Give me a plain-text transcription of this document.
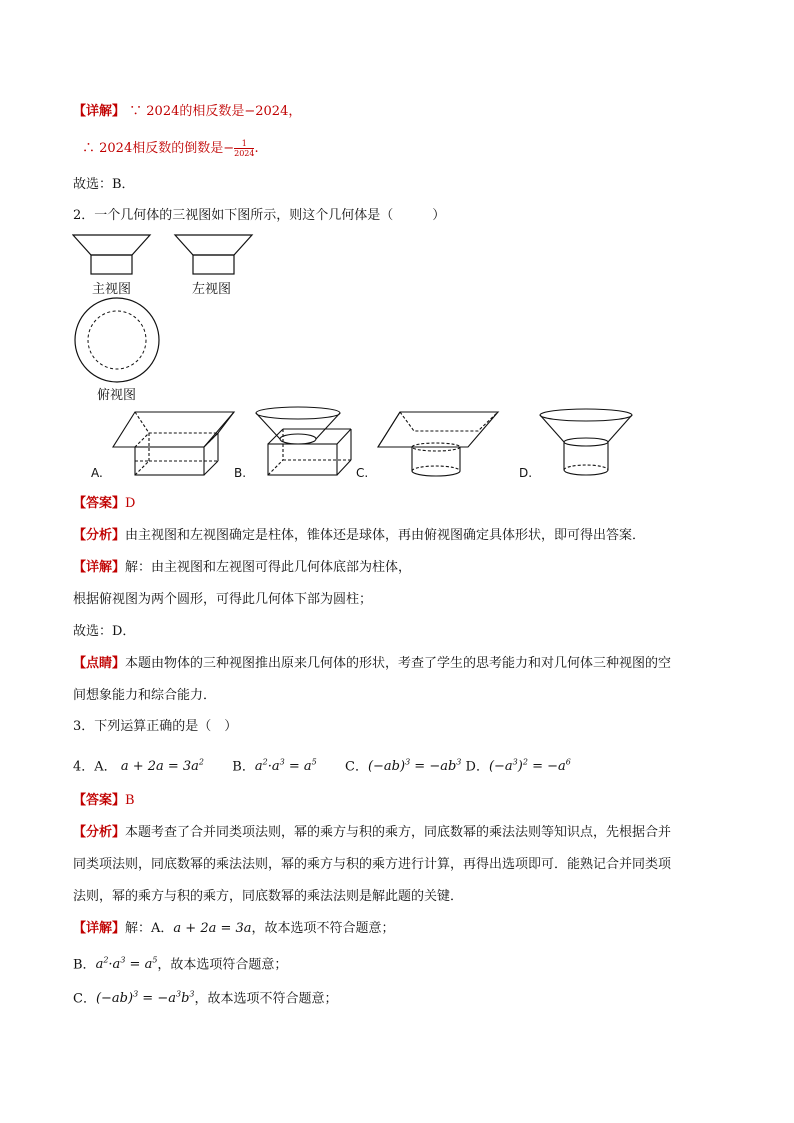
【详解】 ∵ 2024的相反数是−2024，
∴ 2024相反数的倒数是− $\frac{1}{2024}$ .
故选：B．
2．一个几何体的三视图如下图所示，则这个几何体是（　　　）
主视图	左视图
俯视图
A.	B.	C.	D.
【答案】D
【分析】由主视图和左视图确定是柱体，锥体还是球体，再由俯视图确定具体形状，即可得出答案．
【详解】解：由主视图和左视图可得此几何体底部为柱体，
根据俯视图为两个圆形，可得此几何体下部为圆柱；
故选：D．
【点睛】本题由物体的三种视图推出原来几何体的形状，考查了学生的思考能力和对几何体三种视图的空
间想象能力和综合能力．
3．下列运算正确的是（　）
4．A． $a + 2a = 3a^2$ B．$a^2\cdot a^3 = a^5$ C．$(-ab)^3 = -ab^3$ D．$(-a^3)^2 = -a^6$
【答案】B
【分析】本题考查了合并同类项法则，幂的乘方与积的乘方，同底数幂的乘法法则等知识点，先根据合并
同类项法则，同底数幂的乘法法则，幂的乘方与积的乘方进行计算，再得出选项即可．能熟记合并同类项
法则，幂的乘方与积的乘方，同底数幂的乘法法则是解此题的关键．
【详解】解：A．a + 2a = 3a，故本选项不符合题意；
B．$a^2\cdot a^3 = a^5$，故本选项符合题意；
C．$(-ab)^3 = -a^3b^3$，故本选项不符合题意；
